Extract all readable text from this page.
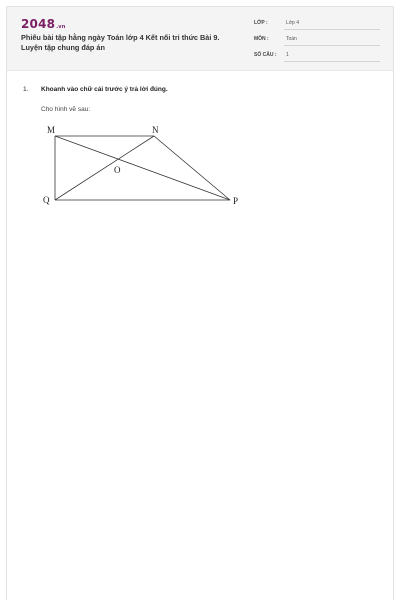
2048.vn
Phiếu bài tập hằng ngày Toán lớp 4 Kết nối tri thức Bài 9. Luyện tập chung đáp án
LỚP :	Lớp 4
MÔN :	Toán
SỐ CÂU :	1
1. Khoanh vào chữ cái trước ý trả lời đúng.
Cho hình vẽ sau:
M	N
O
Q	P
